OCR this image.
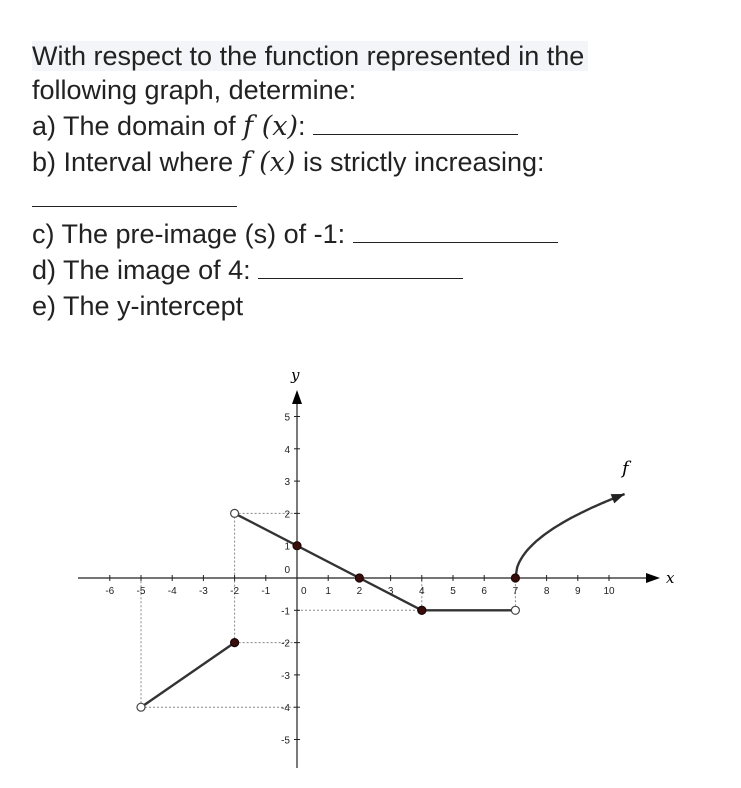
With respect to the function represented in the
following graph, determine:
a) The domain of f (x):
b) Interval where f (x) is strictly increasing:
c) The pre-image (s) of -1:
d) The image of 4:
e) The y-intercept
-6 -5 -4 -3 -2 -1	0 1	2	3	4	5	6	7	8	9 10
-5
-4
-3
-2
-1
0
1
2
3
4
5
x
y
f
